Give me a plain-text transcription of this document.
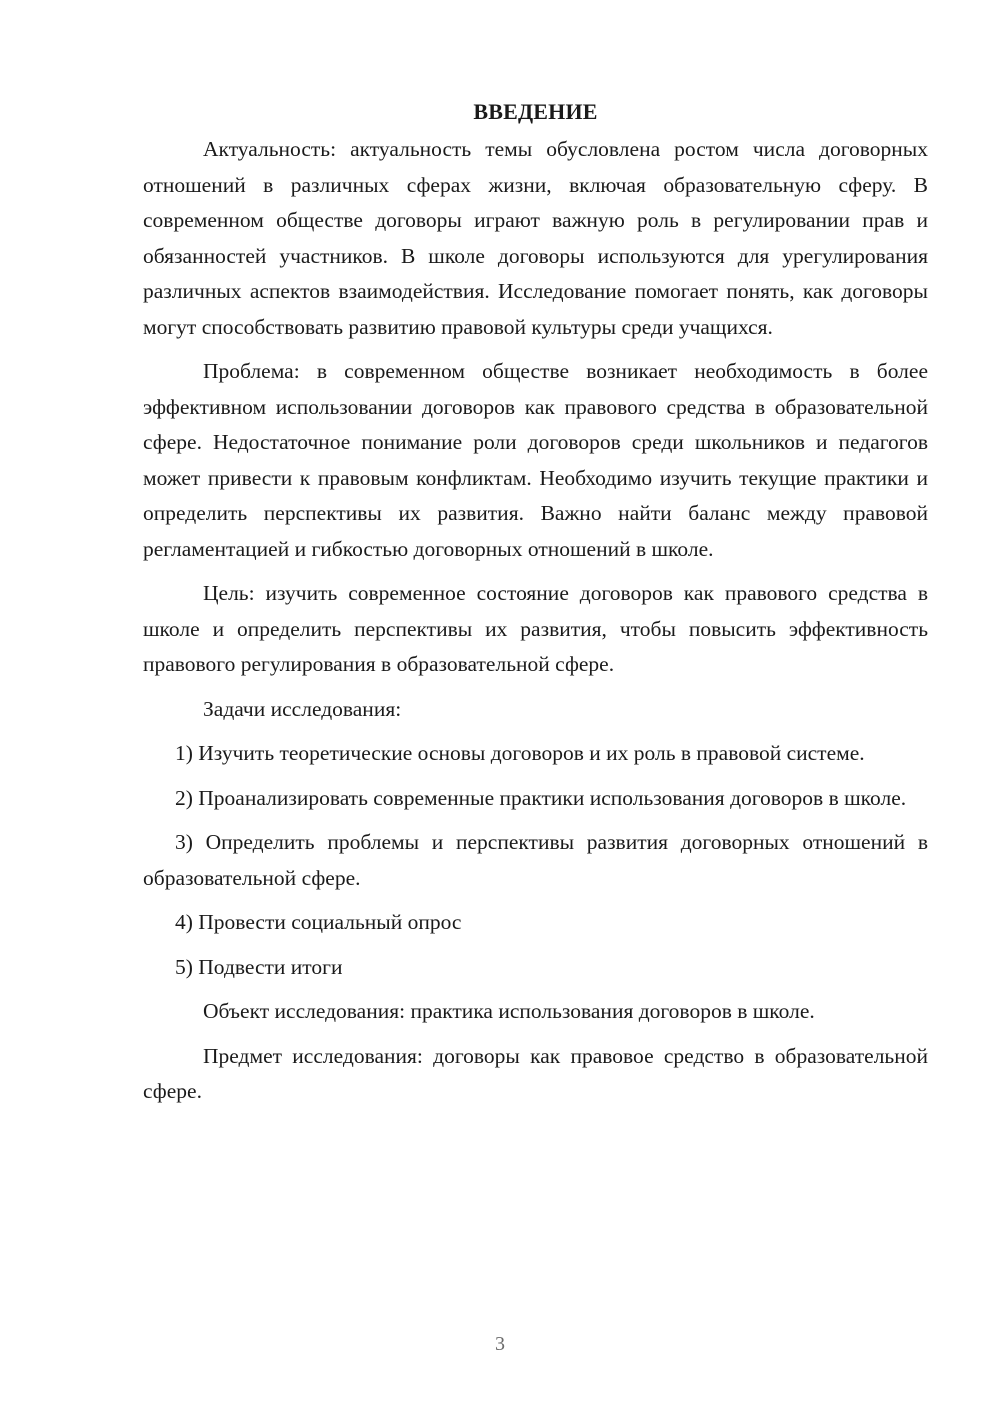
ВВЕДЕНИЕ

Актуальность: актуальность темы обусловлена ростом числа договорных отношений в различных сферах жизни, включая образовательную сферу. В современном обществе договоры играют важную роль в регулировании прав и обязанностей участников. В школе договоры используются для урегулирования различных аспектов взаимодействия. Исследование помогает понять, как договоры могут способствовать развитию правовой культуры среди учащихся.

Проблема: в современном обществе возникает необходимость в более эффективном использовании договоров как правового средства в образовательной сфере. Недостаточное понимание роли договоров среди школьников и педагогов может привести к правовым конфликтам. Необходимо изучить текущие практики и определить перспективы их развития. Важно найти баланс между правовой регламентацией и гибкостью договорных отношений в школе.

Цель: изучить современное состояние договоров как правового средства в школе и определить перспективы их развития, чтобы повысить эффективность правового регулирования в образовательной сфере.

Задачи исследования:

1) Изучить теоретические основы договоров и их роль в правовой системе.

2) Проанализировать современные практики использования договоров в школе.

3) Определить проблемы и перспективы развития договорных отношений в образовательной сфере.

4) Провести социальный опрос

5) Подвести итоги

Объект исследования: практика использования договоров в школе.

Предмет исследования: договоры как правовое средство в образовательной сфере.

3
